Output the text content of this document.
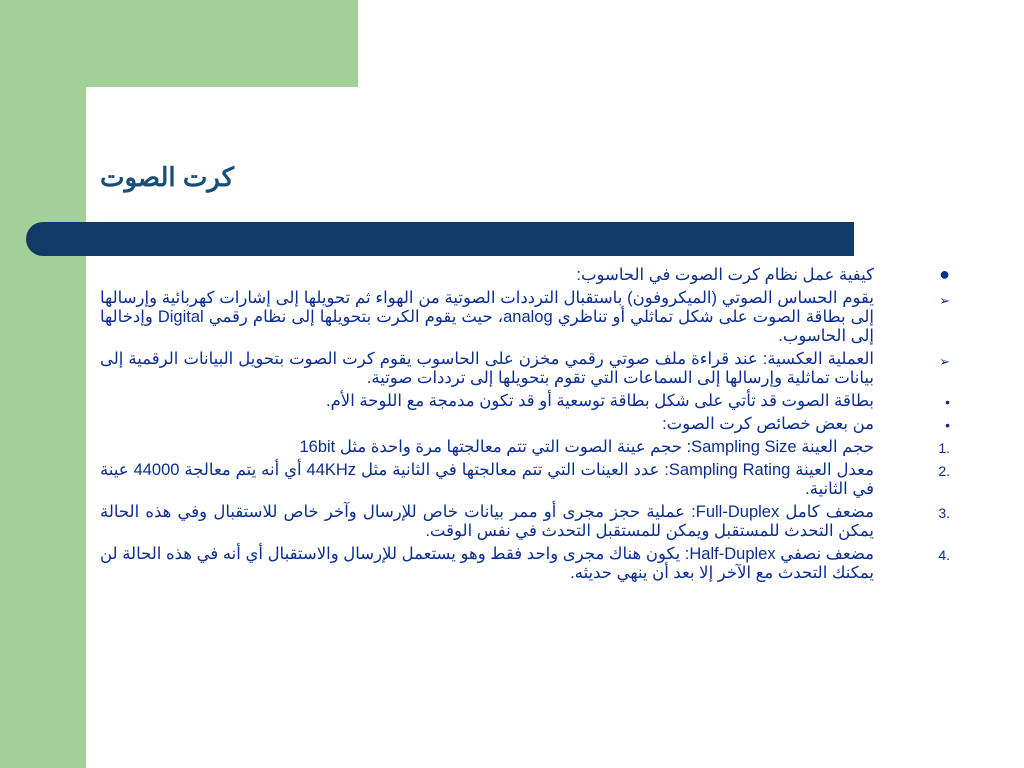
كرت الصوت
●
كيفية عمل نظام كرت الصوت في الحاسوب:
➢
يقوم الحساس الصوتي (الميكروفون) باستقبال الترددات الصوتية من الهواء ثم تحويلها إلى إشارات كهربائية وإرسالها إلى بطاقة الصوت على شكل تماثلي أو تناظري analog، حيث يقوم الكرت بتحويلها إلى نظام رقمي Digital وإدخالها إلى الحاسوب.
➢
العملية العكسية: عند قراءة ملف صوتي رقمي مخزن على الحاسوب يقوم كرت الصوت بتحويل البيانات الرقمية إلى بيانات تماثلية وإرسالها إلى السماعات التي تقوم بتحويلها إلى ترددات صوتية.
•
بطاقة الصوت قد تأتي على شكل بطاقة توسعية أو قد تكون مدمجة مع اللوحة الأم.
•
من بعض خصائص كرت الصوت:
1.
حجم العينة Sampling Size: حجم عينة الصوت التي تتم معالجتها مرة واحدة مثل 16bit
2.
معدل العينة Sampling Rating: عدد العينات التي تتم معالجتها في الثانية مثل 44KHz أي أنه يتم معالجة 44000 عينة في الثانية.
3.
مضعف كامل Full-Duplex: عملية حجز مجرى أو ممر بيانات خاص للإرسال وآخر خاص للاستقبال وفي هذه الحالة يمكن التحدث للمستقبل ويمكن للمستقبل التحدث في نفس الوقت.
4.
مضعف نصفي Half-Duplex: يكون هناك مجرى واحد فقط وهو يستعمل للإرسال والاستقبال أي أنه في هذه الحالة لن يمكنك التحدث مع الآخر إلا بعد أن ينهي حديثه.
